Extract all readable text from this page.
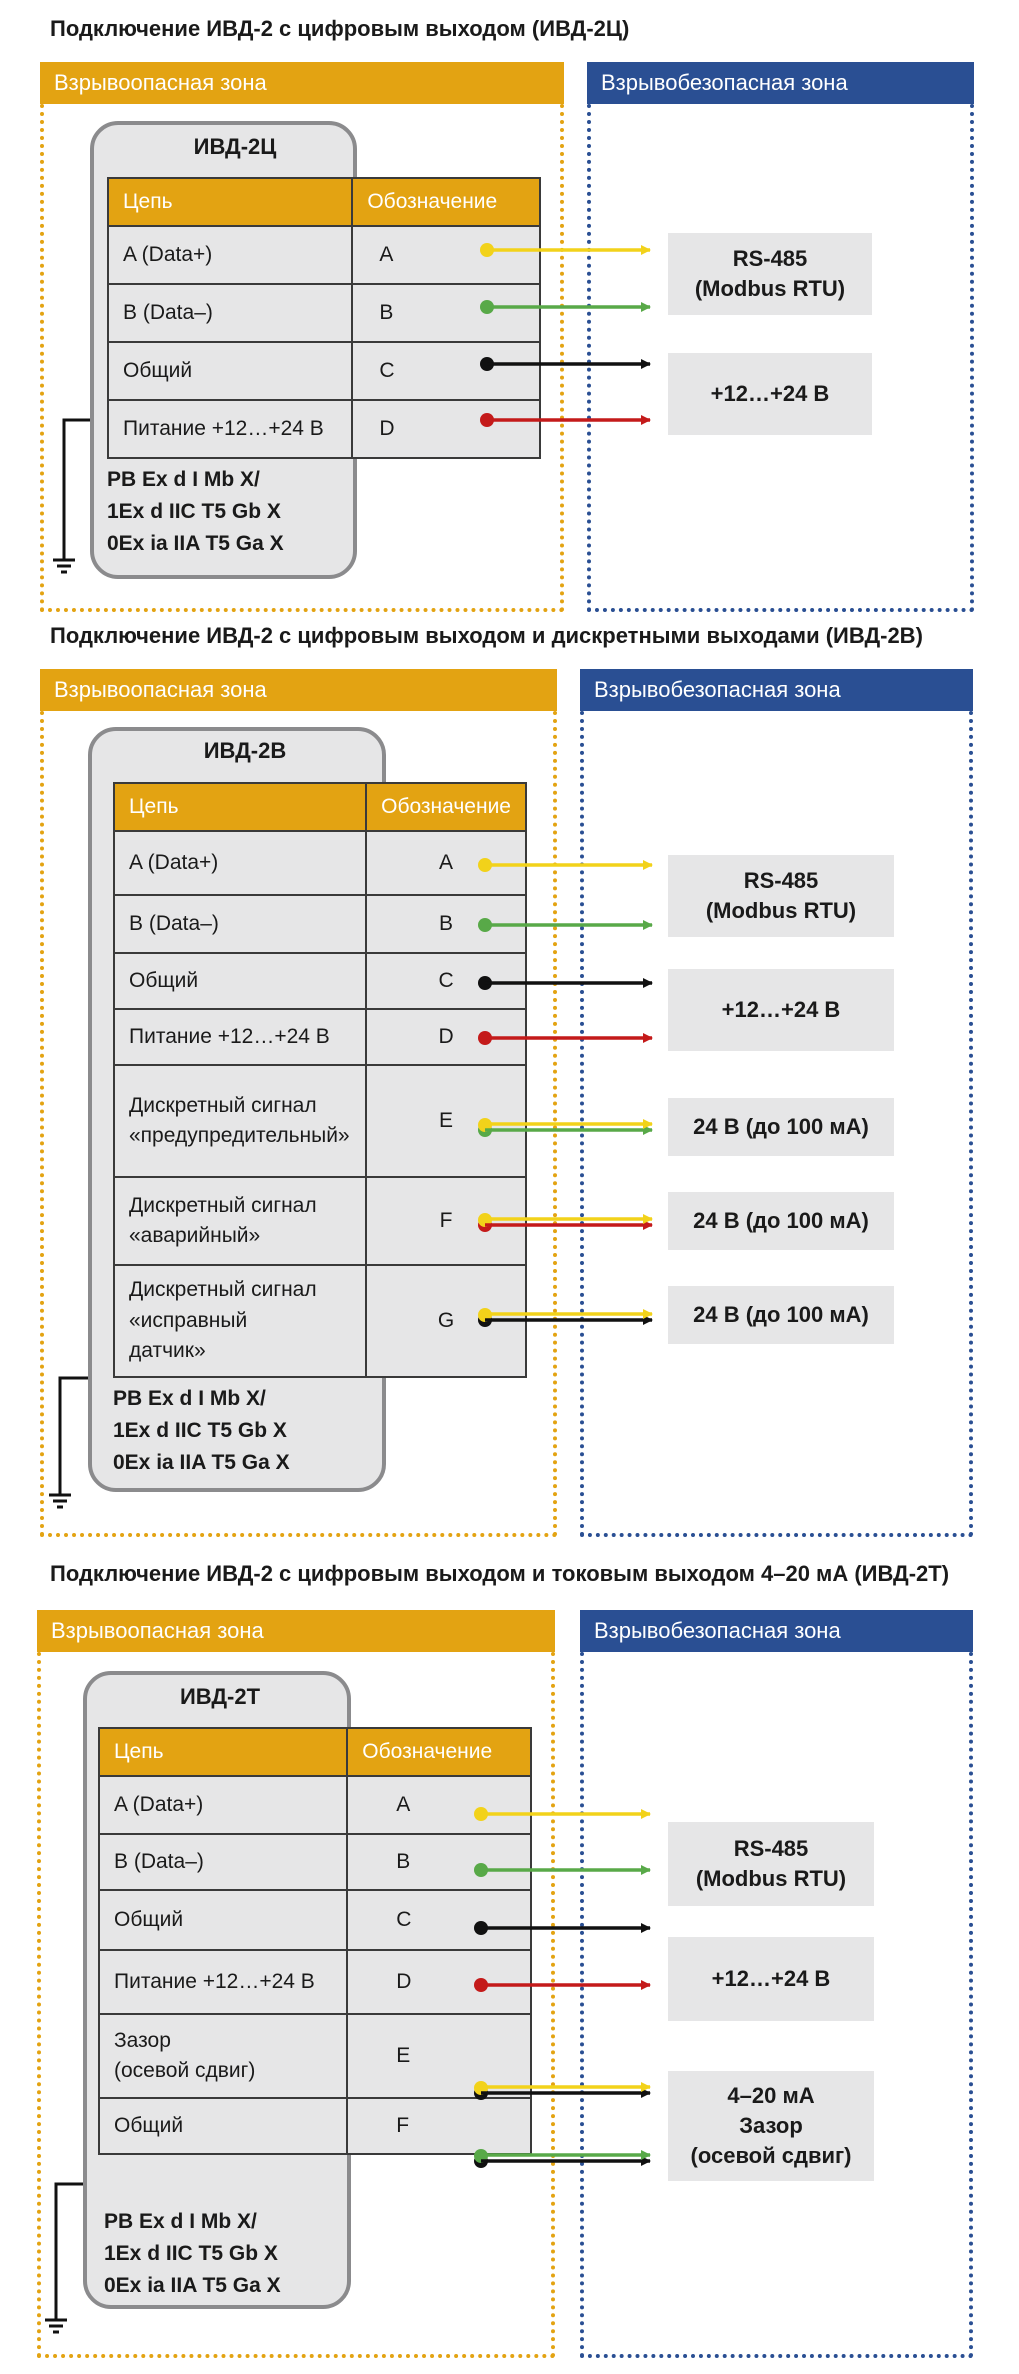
Подключение ИВД-2 с цифровым выходом (ИВД-2Ц)
Взрывоопасная зона	Взрывобезопасная зона
ИВД-2Ц
Цепь	Обозначение
A (Data+)	A
B (Data–)	B
Общий	C
Питание +12…+24 В	D
PB Ex d I Mb X/
1Ex d IIC T5 Gb X
0Ex ia IIA T5 Ga X
RS-485
(Modbus RTU)
+12…+24 В
Подключение ИВД-2 с цифровым выходом и дискретными выходами (ИВД-2В)
Взрывоопасная зона	Взрывобезопасная зона
ИВД-2В
Цепь	Обозначение
A (Data+)	A
B (Data–)	B
Общий	C
Питание +12…+24 В	D
Дискретный сигнал
«предупредительный»	E
Дискретный сигнал
«аварийный»	F
Дискретный сигнал
«исправный
датчик»	G
PB Ex d I Mb X/
1Ex d IIC T5 Gb X
0Ex ia IIA T5 Ga X
RS-485
(Modbus RTU)
+12…+24 В
24 В (до 100 мА)
24 В (до 100 мА)
24 В (до 100 мА)
Подключение ИВД-2 с цифровым выходом и токовым выходом 4–20 мА (ИВД-2Т)
Взрывоопасная зона	Взрывобезопасная зона
ИВД-2Т
Цепь	Обозначение
A (Data+)	A
B (Data–)	B
Общий	C
Питание +12…+24 В	D
Зазор
(осевой сдвиг)	E
Общий	F
PB Ex d I Mb X/
1Ex d IIC T5 Gb X
0Ex ia IIA T5 Ga X
RS-485
(Modbus RTU)
+12…+24 В
4–20 мА
Зазор
(осевой сдвиг)
